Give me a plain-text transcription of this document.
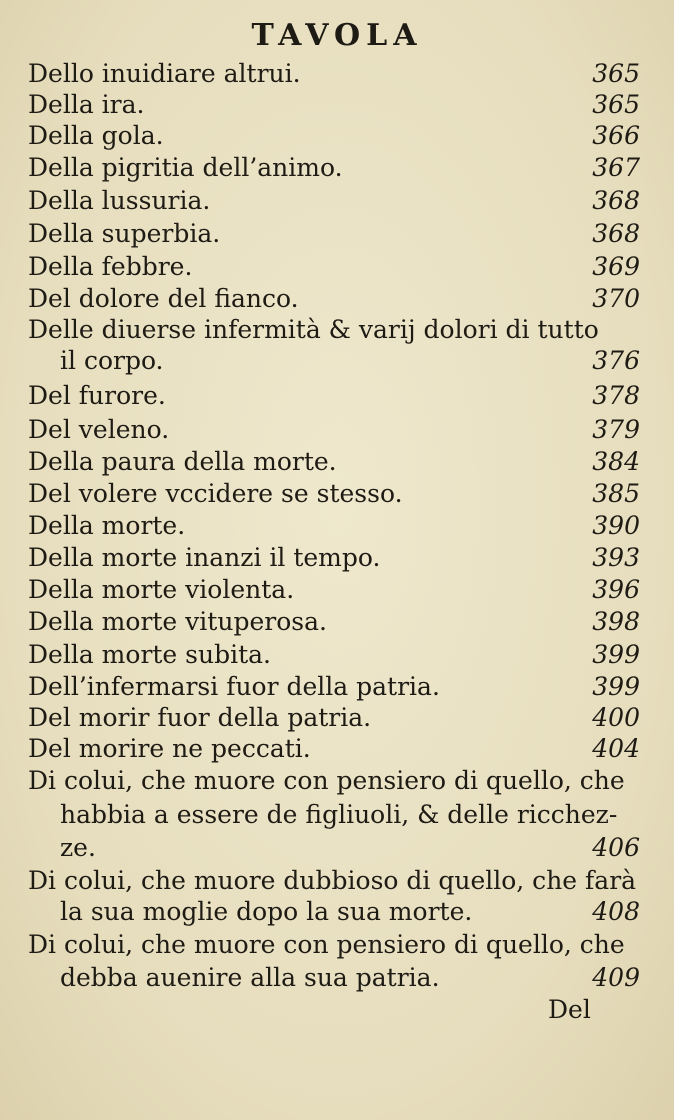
TAVOLA
Dello inuidiare altrui.	365
Della ira.	365
Della gola.	366
Della pigritia dell’animo.	367
Della lussuria.	368
Della superbia.	368
Della febbre.	369
Del dolore del fianco.	370
Delle diuerse infermità & varij dolori di tutto
il corpo.	376
Del furore.	378
Del veleno.	379
Della paura della morte.	384
Del volere vccidere se stesso.	385
Della morte.	390
Della morte inanzi il tempo.	393
Della morte violenta.	396
Della morte vituperosa.	398
Della morte subita.	399
Dell’infermarsi fuor della patria.	399
Del morir fuor della patria.	400
Del morire ne peccati.	404
Di colui, che muore con pensiero di quello, che
habbia a essere de figliuoli, & delle ricchez-
ze.	406
Di colui, che muore dubbioso di quello, che farà
la sua moglie dopo la sua morte.	408
Di colui, che muore con pensiero di quello, che
debba auenire alla sua patria.	409
Del
